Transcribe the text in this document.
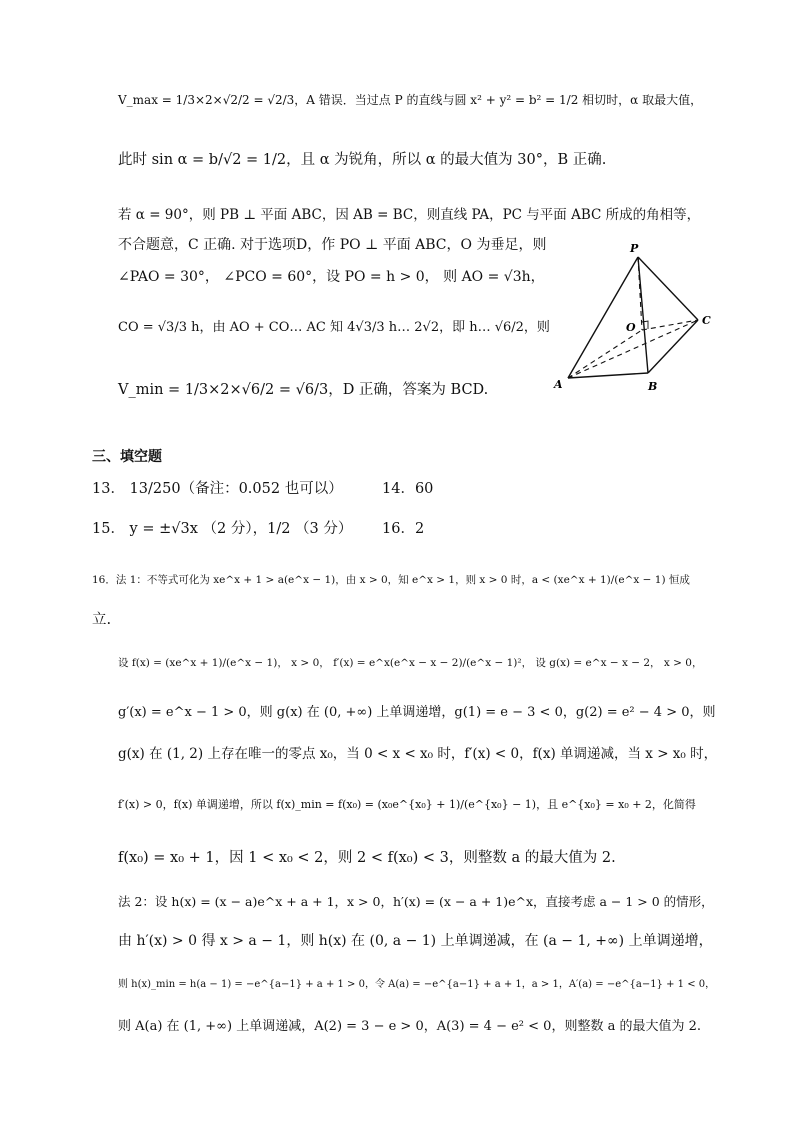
V_max = 1/3×2×√2/2 = √2/3，A 错误．当过点 P 的直线与圆 x² + y² = b² = 1/2 相切时，α 取最大值，
此时 sin α = b/√2 = 1/2，且 α 为锐角，所以 α 的最大值为 30°，B 正确.
若 α = 90°，则 PB ⊥ 平面 ABC，因 AB = BC，则直线 PA，PC 与平面 ABC 所成的角相等，
不合题意，C 正确. 对于选项D，作 PO ⊥ 平面 ABC，O 为垂足，则
∠PAO = 30°， ∠PCO = 60°，设 PO = h > 0， 则 AO = √3h，
CO = √3/3 h，由 AO + CO… AC 知 4√3/3 h… 2√2，即 h… √6/2，则
V_min = 1/3×2×√6/2 = √6/3，D 正确，答案为 BCD.
P
O
C
A	B
三、填空题
13． 13/250（备注：0.052 也可以）	14．60
15． y = ±√3x （2 分），1/2 （3 分） 16．2
16．法 1：不等式可化为 xe^x + 1 > a(e^x − 1)，由 x > 0，知 e^x > 1，则 x > 0 时，a < (xe^x + 1)/(e^x − 1) 恒成
立.
设 f(x) = (xe^x + 1)/(e^x − 1)， x > 0， f′(x) = e^x(e^x − x − 2)/(e^x − 1)²， 设 g(x) = e^x − x − 2， x > 0，
g′(x) = e^x − 1 > 0，则 g(x) 在 (0, +∞) 上单调递增，g(1) = e − 3 < 0，g(2) = e² − 4 > 0，则
g(x) 在 (1, 2) 上存在唯一的零点 x₀，当 0 < x < x₀ 时，f′(x) < 0，f(x) 单调递减，当 x > x₀ 时，
f′(x) > 0，f(x) 单调递增，所以 f(x)_min = f(x₀) = (x₀e^{x₀} + 1)/(e^{x₀} − 1)，且 e^{x₀} = x₀ + 2，化简得
f(x₀) = x₀ + 1，因 1 < x₀ < 2，则 2 < f(x₀) < 3，则整数 a 的最大值为 2.
法 2：设 h(x) = (x − a)e^x + a + 1，x > 0，h′(x) = (x − a + 1)e^x，直接考虑 a − 1 > 0 的情形，
由 h′(x) > 0 得 x > a − 1，则 h(x) 在 (0, a − 1) 上单调递减，在 (a − 1, +∞) 上单调递增，
则 h(x)_min = h(a − 1) = −e^{a−1} + a + 1 > 0，令 A(a) = −e^{a−1} + a + 1，a > 1，A′(a) = −e^{a−1} + 1 < 0，
则 A(a) 在 (1, +∞) 上单调递减，A(2) = 3 − e > 0，A(3) = 4 − e² < 0，则整数 a 的最大值为 2.
